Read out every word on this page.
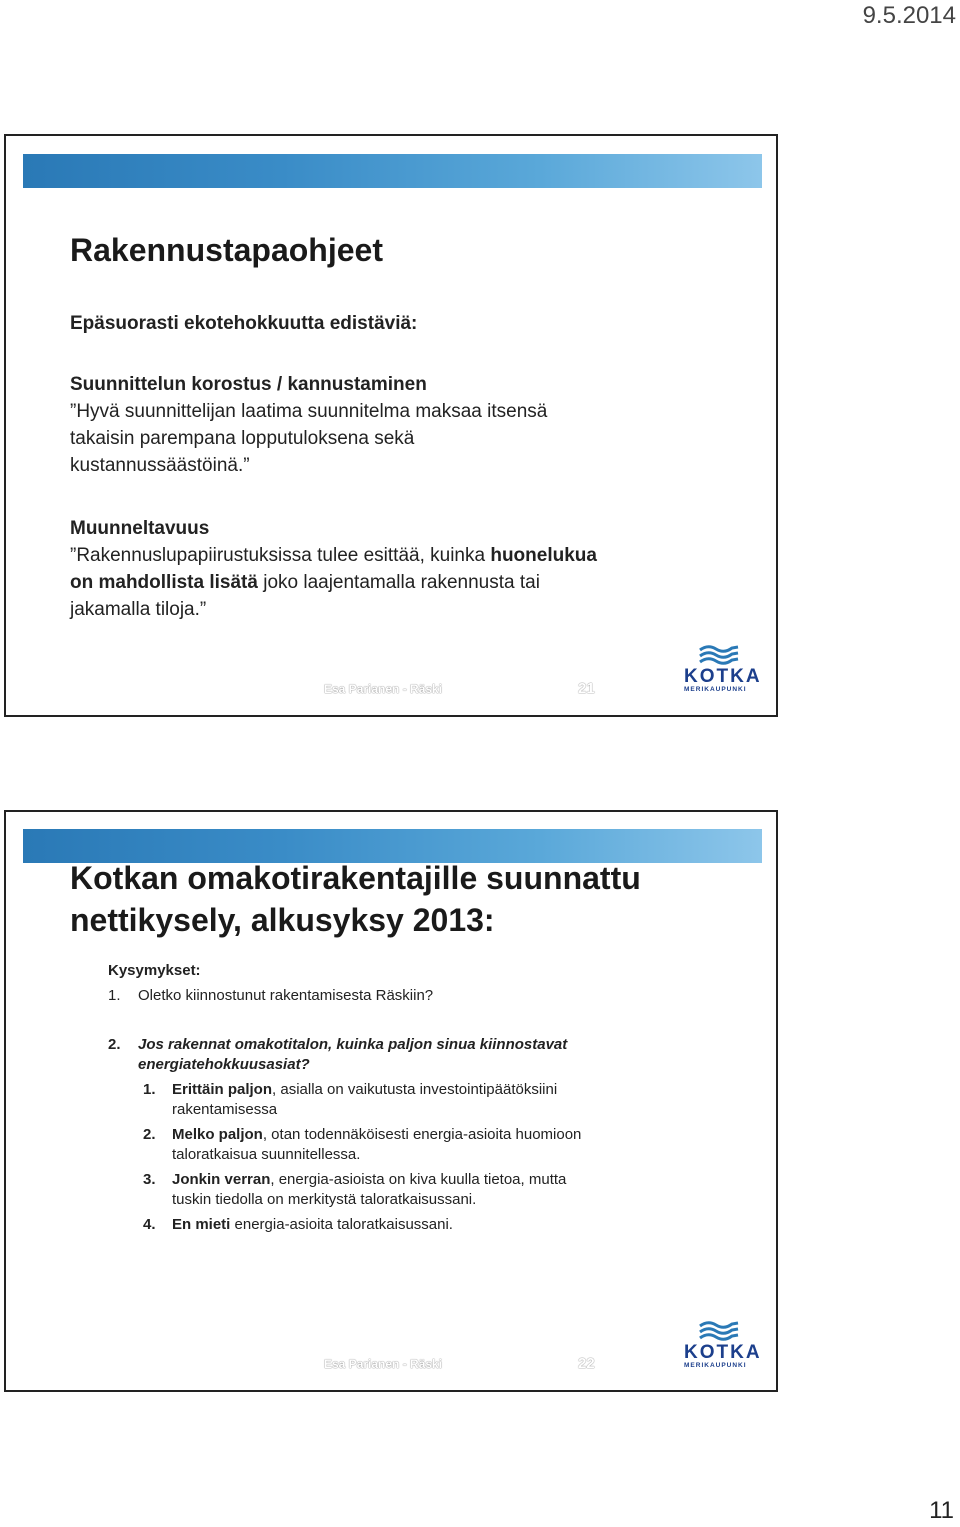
9.5.2014
Rakennustapaohjeet

Epäsuorasti ekotehokkuutta edistäviä:

Suunnittelun korostus / kannustaminen

”Hyvä suunnittelijan laatima suunnitelma maksaa itsensä

takaisin parempana lopputuloksena sekä

kustannussäästöinä.”

Muunneltavuus

”Rakennuslupapiirustuksissa tulee esittää, kuinka huonelukua

on mahdollista lisätä joko laajentamalla rakennusta tai

jakamalla tiloja.”

Esa Parianen - Räski	21
KOTKA
MERIKAUPUNKI
Kotkan omakotirakentajille suunnattu
nettikysely, alkusyksy 2013:
Kysymykset:
1. Oletko kiinnostunut rakentamisesta Räskiin?
2. Jos rakennat omakotitalon, kuinka paljon sinua kiinnostavat
energiatehokkuusasiat?
1. Erittäin paljon, asialla on vaikutusta investointipäätöksiini
rakentamisessa
2. Melko paljon, otan todennäköisesti energia-asioita huomioon
taloratkaisua suunnitellessa.
3. Jonkin verran, energia-asioista on kiva kuulla tietoa, mutta
tuskin tiedolla on merkitystä taloratkaisussani.
4. En mieti energia-asioita taloratkaisussani.
Esa Parianen - Räski	22
KOTKA
MERIKAUPUNKI
11
